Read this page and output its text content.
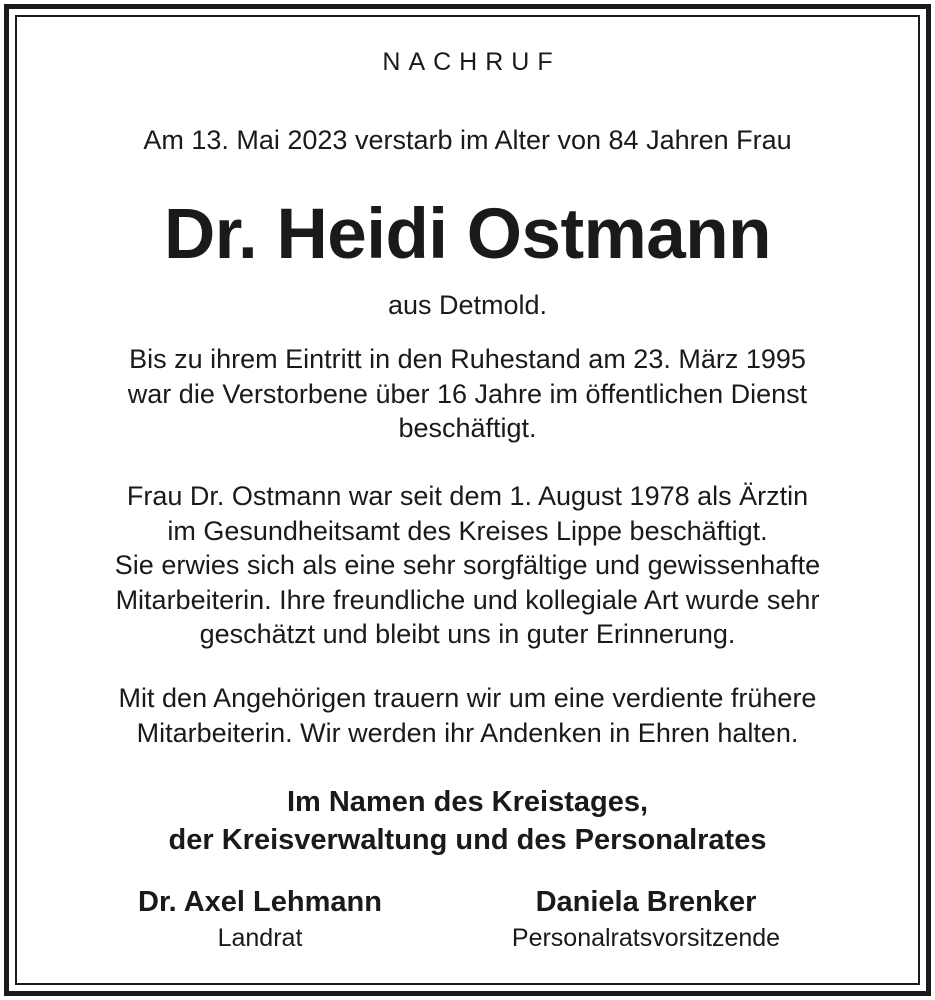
NACHRUF
Am 13. Mai 2023 verstarb im Alter von 84 Jahren Frau
Dr. Heidi Ostmann
aus Detmold.
Bis zu ihrem Eintritt in den Ruhestand am 23. März 1995
war die Verstorbene über 16 Jahre im öffentlichen Dienst
beschäftigt.
Frau Dr. Ostmann war seit dem 1. August 1978 als Ärztin
im Gesundheitsamt des Kreises Lippe beschäftigt.
Sie erwies sich als eine sehr sorgfältige und gewissenhafte
Mitarbeiterin. Ihre freundliche und kollegiale Art wurde sehr
geschätzt und bleibt uns in guter Erinnerung.
Mit den Angehörigen trauern wir um eine verdiente frühere
Mitarbeiterin. Wir werden ihr Andenken in Ehren halten.
Im Namen des Kreistages,
der Kreisverwaltung und des Personalrates
Dr. Axel Lehmann
Landrat
Daniela Brenker
Personalratsvorsitzende
